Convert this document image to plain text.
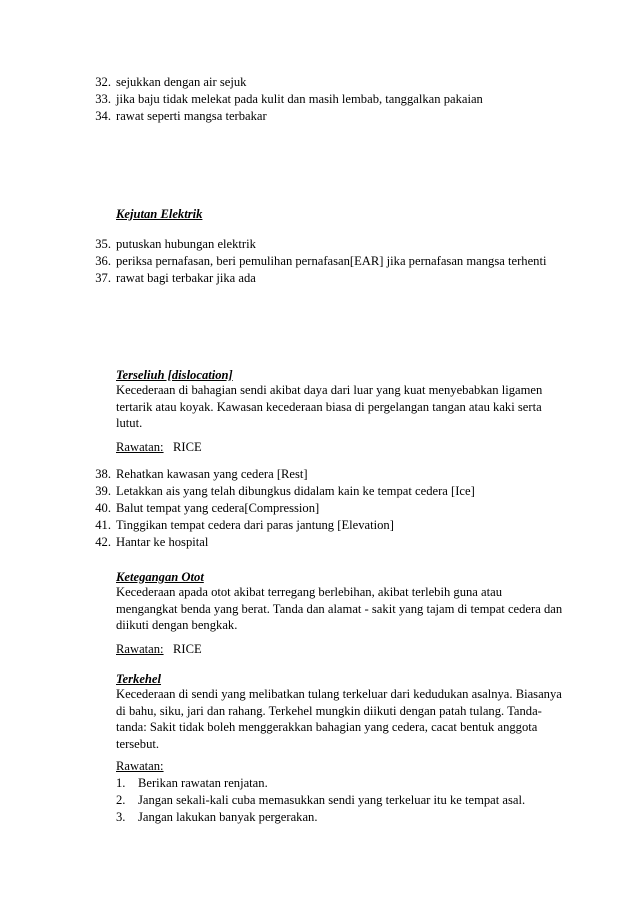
32. sejukkan dengan air sejuk
33. jika baju tidak melekat pada kulit dan masih lembab, tanggalkan pakaian
34. rawat seperti mangsa terbakar
Kejutan Elektrik
35. putuskan hubungan elektrik
36. periksa pernafasan, beri pemulihan pernafasan[EAR] jika pernafasan mangsa terhenti
37. rawat bagi terbakar jika ada
Terseliuh [dislocation]
Kecederaan di bahagian sendi akibat daya dari luar yang kuat menyebabkan ligamen tertarik atau koyak. Kawasan kecederaan biasa di pergelangan tangan atau kaki serta lutut.
Rawatan: RICE
38. Rehatkan kawasan yang cedera [Rest]
39. Letakkan ais yang telah dibungkus didalam kain ke tempat cedera [Ice]
40. Balut tempat yang cedera[Compression]
41. Tinggikan tempat cedera dari paras jantung [Elevation]
42. Hantar ke hospital
Ketegangan Otot
Kecederaan apada otot akibat terregang berlebihan, akibat terlebih guna atau mengangkat benda yang berat. Tanda dan alamat - sakit yang tajam di tempat cedera dan diikuti dengan bengkak.
Rawatan: RICE
Terkehel
Kecederaan di sendi yang melibatkan tulang terkeluar dari kedudukan asalnya. Biasanya di bahu, siku, jari dan rahang. Terkehel mungkin diikuti dengan patah tulang. Tanda-tanda: Sakit tidak boleh menggerakkan bahagian yang cedera, cacat bentuk anggota tersebut.
Rawatan:
1. Berikan rawatan renjatan.
2. Jangan sekali-kali cuba memasukkan sendi yang terkeluar itu ke tempat asal.
3. Jangan lakukan banyak pergerakan.
